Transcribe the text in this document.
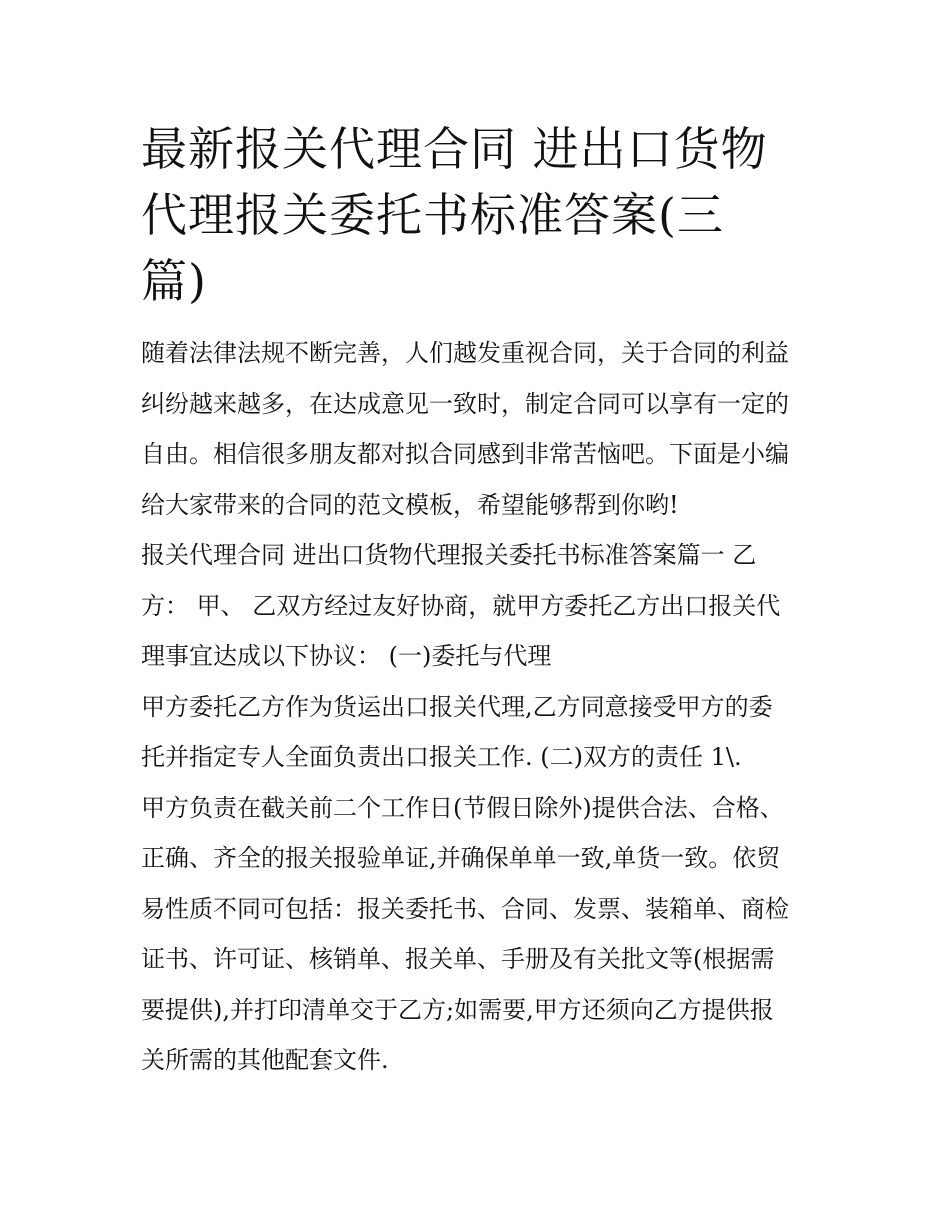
最新报关代理合同 进出口货物
代理报关委托书标准答案(三
篇)

随着法律法规不断完善，人们越发重视合同，关于合同的利益
纠纷越来越多，在达成意见一致时，制定合同可以享有一定的
自由。相信很多朋友都对拟合同感到非常苦恼吧。下面是小编
给大家带来的合同的范文模板，希望能够帮到你哟!

报关代理合同 进出口货物代理报关委托书标准答案篇一 乙
方： 甲、 乙双方经过友好协商，就甲方委托乙方出口报关代
理事宜达成以下协议： (一)委托与代理

甲方委托乙方作为货运出口报关代理,乙方同意接受甲方的委
托并指定专人全面负责出口报关工作. (二)双方的责任 1\.

甲方负责在截关前二个工作日(节假日除外)提供合法、合格、
正确、齐全的报关报验单证,并确保单单一致,单货一致。依贸
易性质不同可包括：报关委托书、合同、发票、装箱单、商检
证书、许可证、核销单、报关单、手册及有关批文等(根据需
要提供),并打印清单交于乙方;如需要,甲方还须向乙方提供报
关所需的其他配套文件.
